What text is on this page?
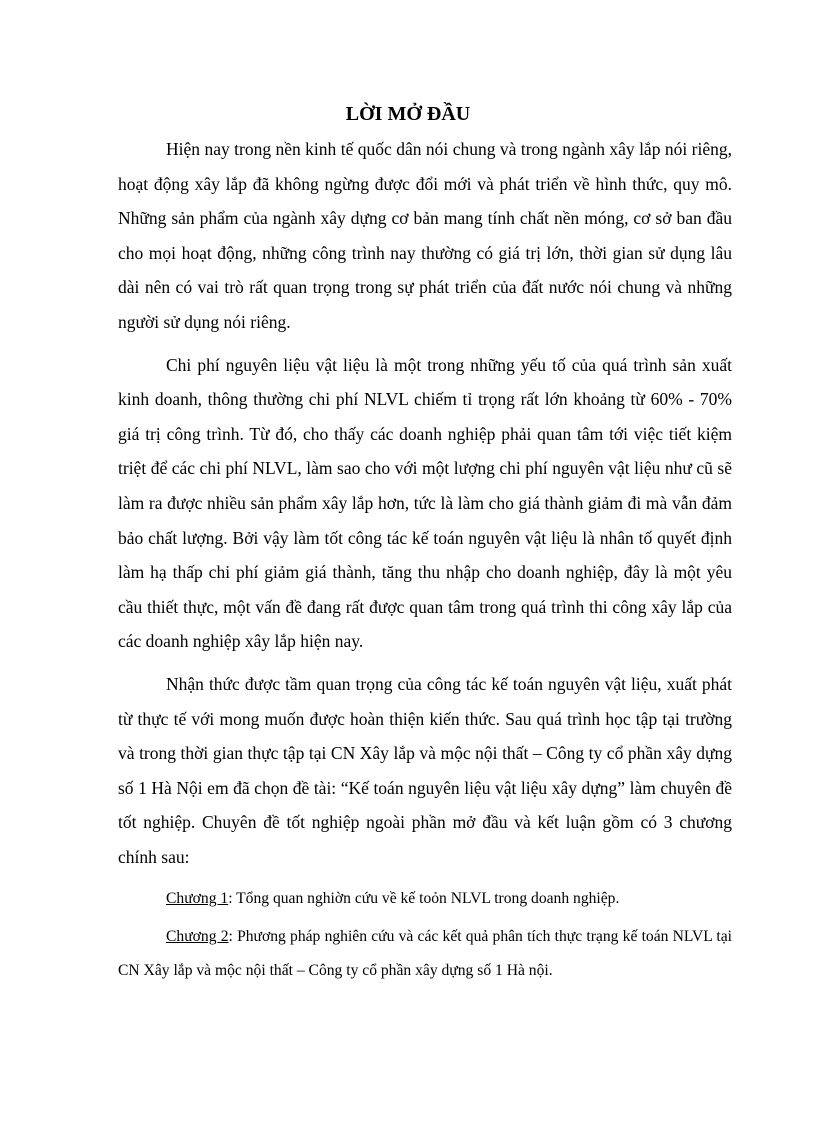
LỜI MỞ ĐẦU

Hiện nay trong nền kinh tế quốc dân nói chung và trong ngành xây lắp nói riêng, hoạt động xây lắp đã không ngừng được đổi mới và phát triển về hình thức, quy mô. Những sản phẩm của ngành xây dựng cơ bản mang tính chất nền móng, cơ sở ban đầu cho mọi hoạt động, những công trình nay thường có giá trị lớn, thời gian sử dụng lâu dài nên có vai trò rất quan trọng trong sự phát triển của đất nước nói chung và những người sử dụng nói riêng.

Chi phí nguyên liệu vật liệu là một trong những yếu tố của quá trình sản xuất kinh doanh, thông thường chi phí NLVL chiếm tỉ trọng rất lớn khoảng từ 60% - 70% giá trị công trình. Từ đó, cho thấy các doanh nghiệp phải quan tâm tới việc tiết kiệm triệt để các chi phí NLVL, làm sao cho với một lượng chi phí nguyên vật liệu như cũ sẽ làm ra được nhiều sản phẩm xây lắp hơn, tức là làm cho giá thành giảm đi mà vẫn đảm bảo chất lượng. Bởi vậy làm tốt công tác kế toán nguyên vật liệu là nhân tố quyết định làm hạ thấp chi phí giảm giá thành, tăng thu nhập cho doanh nghiệp, đây là một yêu cầu thiết thực, một vấn đề đang rất được quan tâm trong quá trình thi công xây lắp của các doanh nghiệp xây lắp hiện nay.

Nhận thức được tầm quan trọng của công tác kế toán nguyên vật liệu, xuất phát từ thực tế với mong muốn được hoàn thiện kiến thức. Sau quá trình học tập tại trường và trong thời gian thực tập tại CN Xây lắp và mộc nội thất – Công ty cổ phần xây dựng số 1 Hà Nội em đã chọn đề tài: “Kế toán nguyên liệu vật liệu xây dựng” làm chuyên đề tốt nghiệp. Chuyên đề tốt nghiệp ngoài phần mở đầu và kết luận gồm có 3 chương chính sau:

Chương 1: Tổng quan nghiờn cứu về kế toỏn NLVL trong doanh nghiệp.

Chương 2: Phương pháp nghiên cứu và các kết quả phân tích thực trạng kế toán NLVL tại CN Xây lắp và mộc nội thất – Công ty cổ phần xây dựng số 1 Hà nội.
